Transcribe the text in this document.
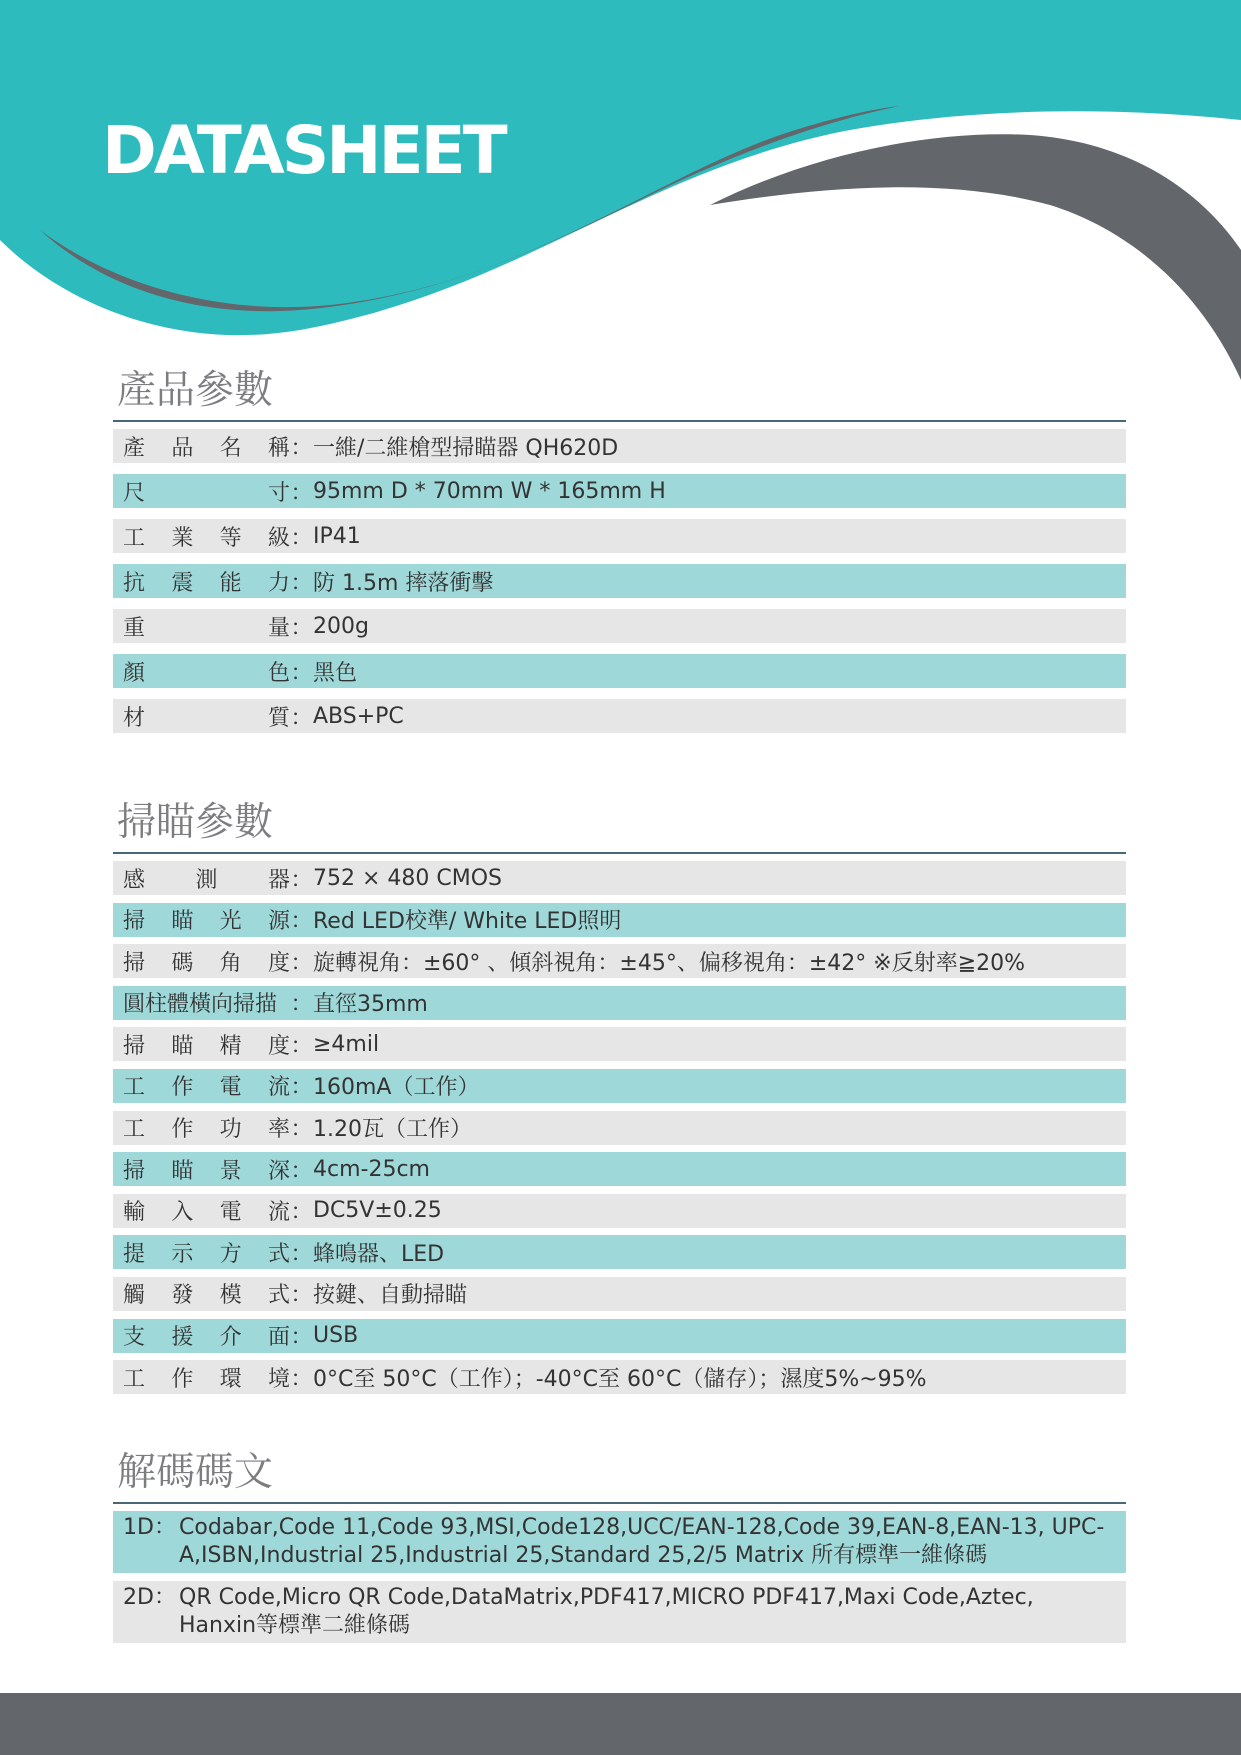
DATASHEET
產品參數
產 品 名 稱 ： 一維/二維槍型掃瞄器 QH620D
尺	寸 ： 95mm D * 70mm W * 165mm H
工 業 等 級 ： IP41
抗 震 能 力 ： 防 1.5m 摔落衝擊
重	量 ： 200g
顏	色 ： 黑色
材	質 ： ABS+PC
掃瞄參數
感 測 器 ： 752 × 480 CMOS
掃 瞄 光 源 ： Red LED校準/ White LED照明
掃 碼 角 度 ： 旋轉視角：±60° 、傾斜視角：±45°、偏移視角：±42° ※反射率≧20%
圓柱體橫向掃描 ： 直徑35mm
掃 瞄 精 度 ： ≥4mil
工 作 電 流 ： 160mA（工作）
工 作 功 率 ： 1.20瓦（工作）
掃 瞄 景 深 ： 4cm-25cm
輸 入 電 流 ： DC5V±0.25
提 示 方 式 ： 蜂鳴器、LED
觸 發 模 式 ： 按鍵、自動掃瞄
支 援 介 面 ： USB
工 作 環 境 ： 0°C至 50°C（工作）；-40°C至 60°C（儲存）；濕度5%~95%
解碼碼文
1D： Codabar,Code 11,Code 93,MSI,Code128,UCC/EAN-128,Code 39,EAN-8,EAN-13, UPC-A,ISBN,Industrial 25,Industrial 25,Standard 25,2/5 Matrix 所有標準一維條碼
2D： QR Code,Micro QR Code,DataMatrix,PDF417,MICRO PDF417,Maxi Code,Aztec, Hanxin等標準二維條碼
